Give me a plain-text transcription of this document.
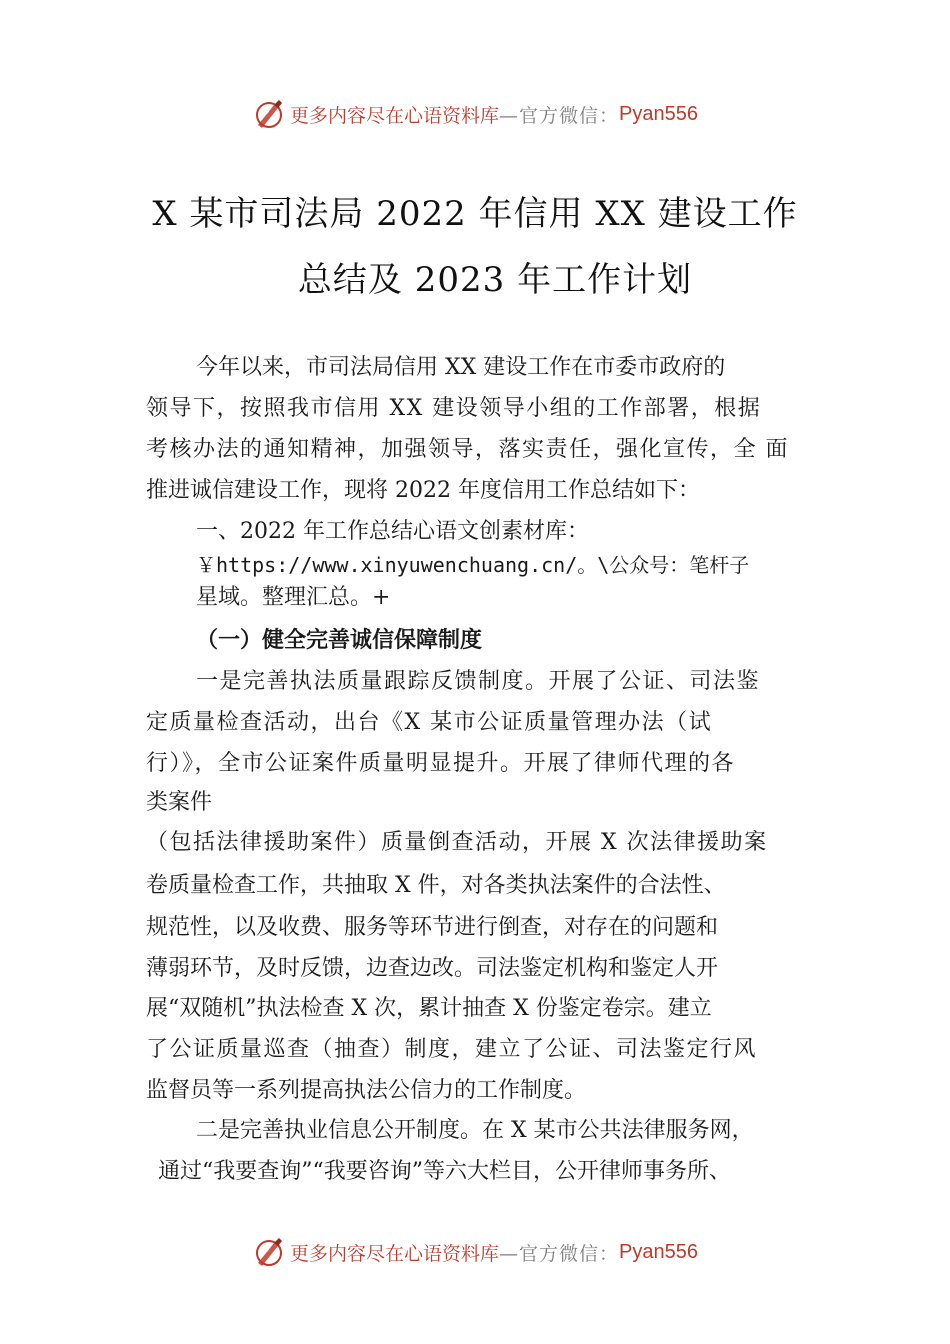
更多内容尽在心语资料库 —官方微信： Pyan556
X 某市司法局 2022 年信用 XX 建设工作
总结及 2023 年工作计划
今年以来，市司法局信用 XX 建设工作在市委市政府的
领导下，按照我市信用 XX 建设领导小组的工作部署，根据
考核办法的通知精神，加强领导，落实责任，强化宣传，全 面
推进诚信建设工作，现将 2022 年度信用工作总结如下：
一、2022 年工作总结心语文创素材库：
￥https://www.xinyuwenchuang.cn/。\公众号：笔杆子
星域。整理汇总。+
（一）健全完善诚信保障制度
一是完善执法质量跟踪反馈制度。开展了公证、司法鉴
定质量检查活动，出台《X 某市公证质量管理办法（试
行）》，全市公证案件质量明显提升。开展了律师代理的各
类案件
（包括法律援助案件）质量倒查活动，开展 X 次法律援助案
卷质量检查工作，共抽取 X 件，对各类执法案件的合法性、
规范性，以及收费、服务等环节进行倒查，对存在的问题和
薄弱环节，及时反馈，边查边改。司法鉴定机构和鉴定人开
展“双随机”执法检查 X 次，累计抽查 X 份鉴定卷宗。建立
了公证质量巡查（抽查）制度，建立了公证、司法鉴定行风
监督员等一系列提高执法公信力的工作制度。
二是完善执业信息公开制度。在 X 某市公共法律服务网，
通过“我要查询”“我要咨询”等六大栏目，公开律师事务所、
更多内容尽在心语资料库 —官方微信： Pyan556
